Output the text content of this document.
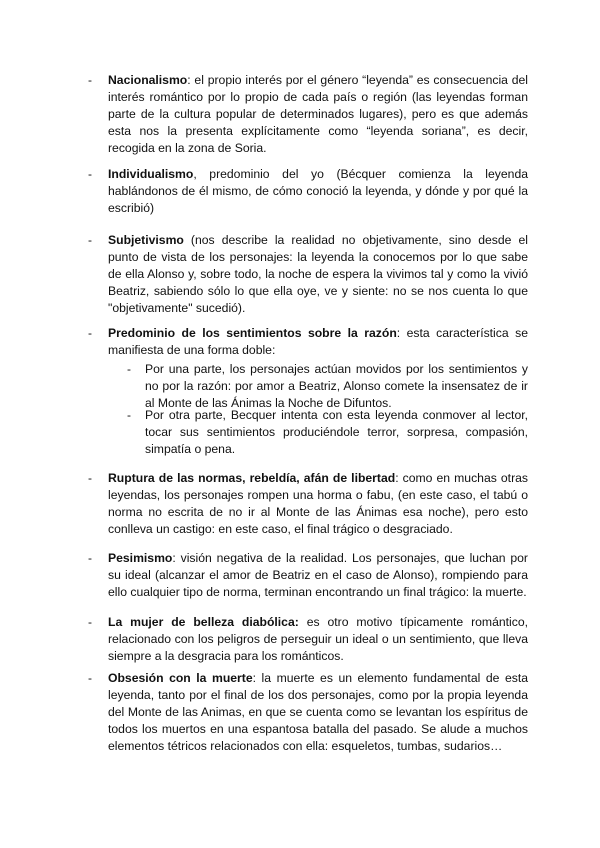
- Nacionalismo: el propio interés por el género “leyenda” es consecuencia del interés romántico por lo propio de cada país o región (las leyendas forman parte de la cultura popular de determinados lugares), pero es que además esta nos la presenta explícitamente como “leyenda soriana”, es decir, recogida en la zona de Soria.
- Individualismo, predominio del yo (Bécquer comienza la leyenda hablándonos de él mismo, de cómo conoció la leyenda, y dónde y por qué la escribió)
- Subjetivismo (nos describe la realidad no objetivamente, sino desde el punto de vista de los personajes: la leyenda la conocemos por lo que sabe de ella Alonso y, sobre todo, la noche de espera la vivimos tal y como la vivió Beatriz, sabiendo sólo lo que ella oye, ve y siente: no se nos cuenta lo que "objetivamente" sucedió).
- Predominio de los sentimientos sobre la razón: esta característica se manifiesta de una forma doble:
- Por una parte, los personajes actúan movidos por los sentimientos y no por la razón: por amor a Beatriz, Alonso comete la insensatez de ir al Monte de las Ánimas la Noche de Difuntos.
- Por otra parte, Becquer intenta con esta leyenda conmover al lector, tocar sus sentimientos produciéndole terror, sorpresa, compasión, simpatía o pena.
- Ruptura de las normas, rebeldía, afán de libertad: como en muchas otras leyendas, los personajes rompen una horma o fabu, (en este caso, el tabú o norma no escrita de no ir al Monte de las Ánimas esa noche), pero esto conlleva un castigo: en este caso, el final trágico o desgraciado.
- Pesimismo: visión negativa de la realidad. Los personajes, que luchan por su ideal (alcanzar el amor de Beatriz en el caso de Alonso), rompiendo para ello cualquier tipo de norma, terminan encontrando un final trágico: la muerte.
- La mujer de belleza diabólica: es otro motivo típicamente romántico, relacionado con los peligros de perseguir un ideal o un sentimiento, que lleva siempre a la desgracia para los románticos.
- Obsesión con la muerte: la muerte es un elemento fundamental de esta leyenda, tanto por el final de los dos personajes, como por la propia leyenda del Monte de las Animas, en que se cuenta como se levantan los espíritus de todos los muertos en una espantosa batalla del pasado. Se alude a muchos elementos tétricos relacionados con ella: esqueletos, tumbas, sudarios…
